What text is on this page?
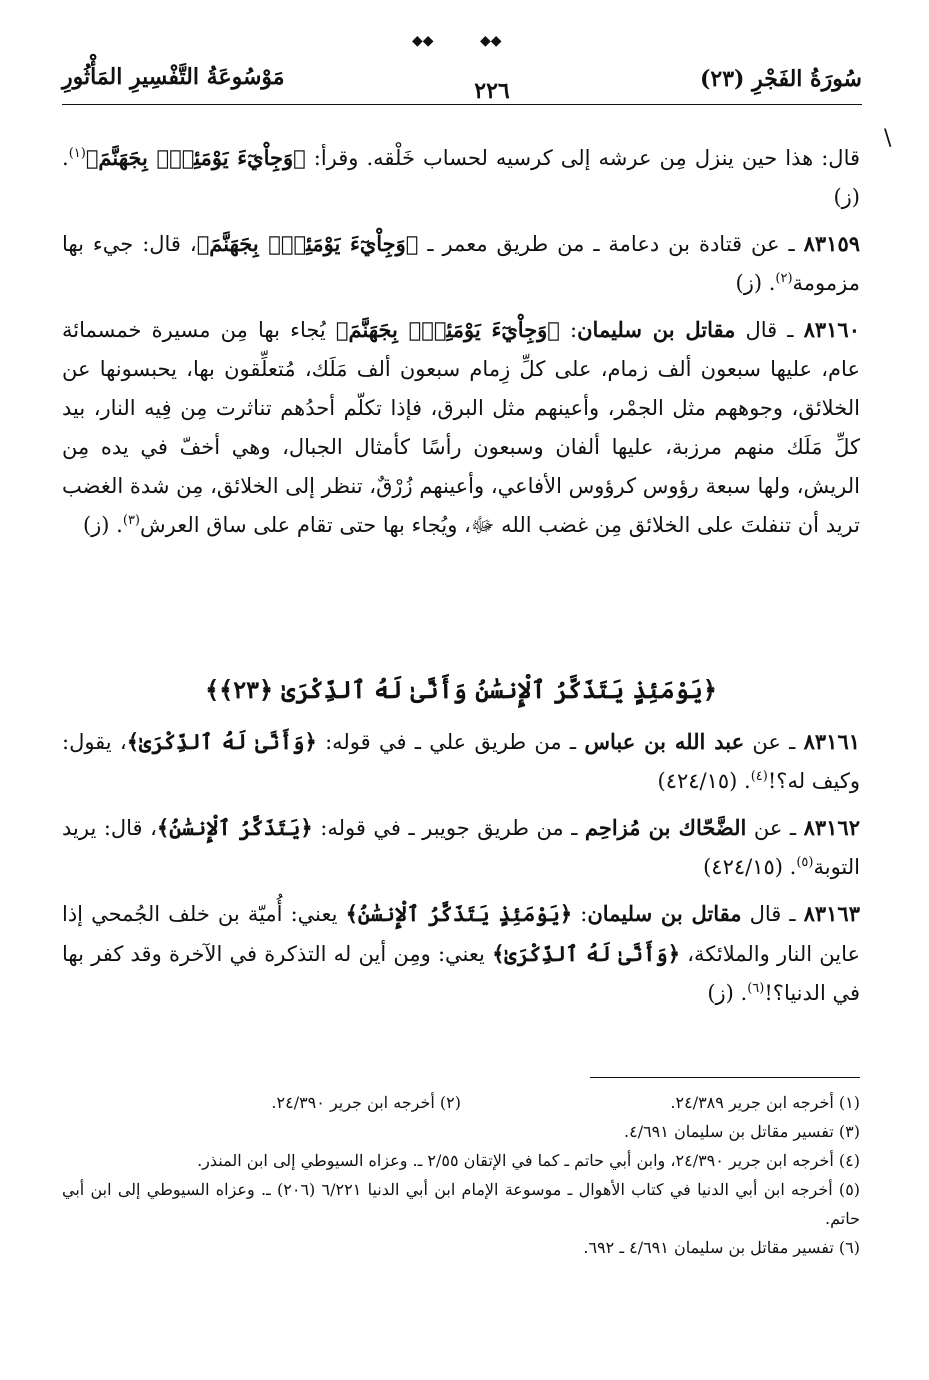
سُورَةُ الفَجْرِ (٢٣)
٢٢٦
مَوْسُوعَةُ التَّفْسِيرِ المَأْثُورِ
◆◆	◆◆
\

قال: هذا حين ينزل مِن عرشه إلى كرسيه لحساب خَلْقه. وقرأ: ﴿وَجِاْيٓءَ يَوْمَئِذٍۭ بِجَهَنَّمَ﴾$^{(١)}$. (ز)

٨٣١٥٩ ـ عن قتادة بن دعامة ـ من طريق معمر ـ ﴿وَجِاْيٓءَ يَوْمَئِذٍۭ بِجَهَنَّمَ﴾، قال: جيء بها مزمومة$^{(٢)}$. (ز)

٨٣١٦٠ ـ قال مقاتل بن سليمان: ﴿وَجِاْيٓءَ يَوْمَئِذٍۭ بِجَهَنَّمَ﴾ يُجاء بها مِن مسيرة خمسمائة عام، عليها سبعون ألف زمام، على كلِّ زِمام سبعون ألف مَلَك، مُتعلِّقون بها، يحبسونها عن الخلائق، وجوههم مثل الجمْر، وأعينهم مثل البرق، فإذا تكلّم أحدُهم تناثرت مِن فِيه النار، بيد كلِّ مَلَك منهم مرزبة، عليها ألفان وسبعون رأسًا كأمثال الجبال، وهي أخفّ في يده مِن الريش، ولها سبعة رؤوس كرؤوس الأفاعي، وأعينهم زُرْقٌ، تنظر إلى الخلائق، مِن شدة الغضب تريد أن تنفلتَ على الخلائق مِن غضب الله ﷻ، ويُجاء بها حتى تقام على ساق العرش$^{(٣)}$. (ز)

﴿يَوْمَئِذٍ يَتَذَكَّرُ ٱلْإِنسَٰنُ وَأَنَّىٰ لَهُ ٱلذِّكْرَىٰ ﴿٢٣﴾﴾

٨٣١٦١ ـ عن عبد الله بن عباس ـ من طريق علي ـ في قوله: ﴿وَأَنَّىٰ لَهُ ٱلذِّكْرَىٰ﴾، يقول: وكيف له؟!$^{(٤)}$. (٤٢٤/١٥)

٨٣١٦٢ ـ عن الضَّحّاك بن مُزاحِم ـ من طريق جويبر ـ في قوله: ﴿يَتَذَكَّرُ ٱلْإِنسَٰنُ﴾، قال: يريد التوبة$^{(٥)}$. (٤٢٤/١٥)

٨٣١٦٣ ـ قال مقاتل بن سليمان: ﴿يَوْمَئِذٍ يَتَذَكَّرُ ٱلْإِنسَٰنُ﴾ يعني: أُميّة بن خلف الجُمحي إذا عاين النار والملائكة، ﴿وَأَنَّىٰ لَهُ ٱلذِّكْرَىٰ﴾ يعني: ومِن أين له التذكرة في الآخرة وقد كفر بها في الدنيا؟!$^{(٦)}$. (ز)

(١) أخرجه ابن جرير ٢٤/٣٨٩.

(٢) أخرجه ابن جرير ٢٤/٣٩٠.

(٣) تفسير مقاتل بن سليمان ٤/٦٩١.

(٤) أخرجه ابن جرير ٢٤/٣٩٠، وابن أبي حاتم ـ كما في الإتقان ٢/٥٥ ـ. وعزاه السيوطي إلى ابن المنذر.

(٥) أخرجه ابن أبي الدنيا في كتاب الأهوال ـ موسوعة الإمام ابن أبي الدنيا ٦/٢٢١ (٢٠٦) ـ. وعزاه السيوطي إلى ابن أبي حاتم.

(٦) تفسير مقاتل بن سليمان ٤/٦٩١ ـ ٦٩٢.
